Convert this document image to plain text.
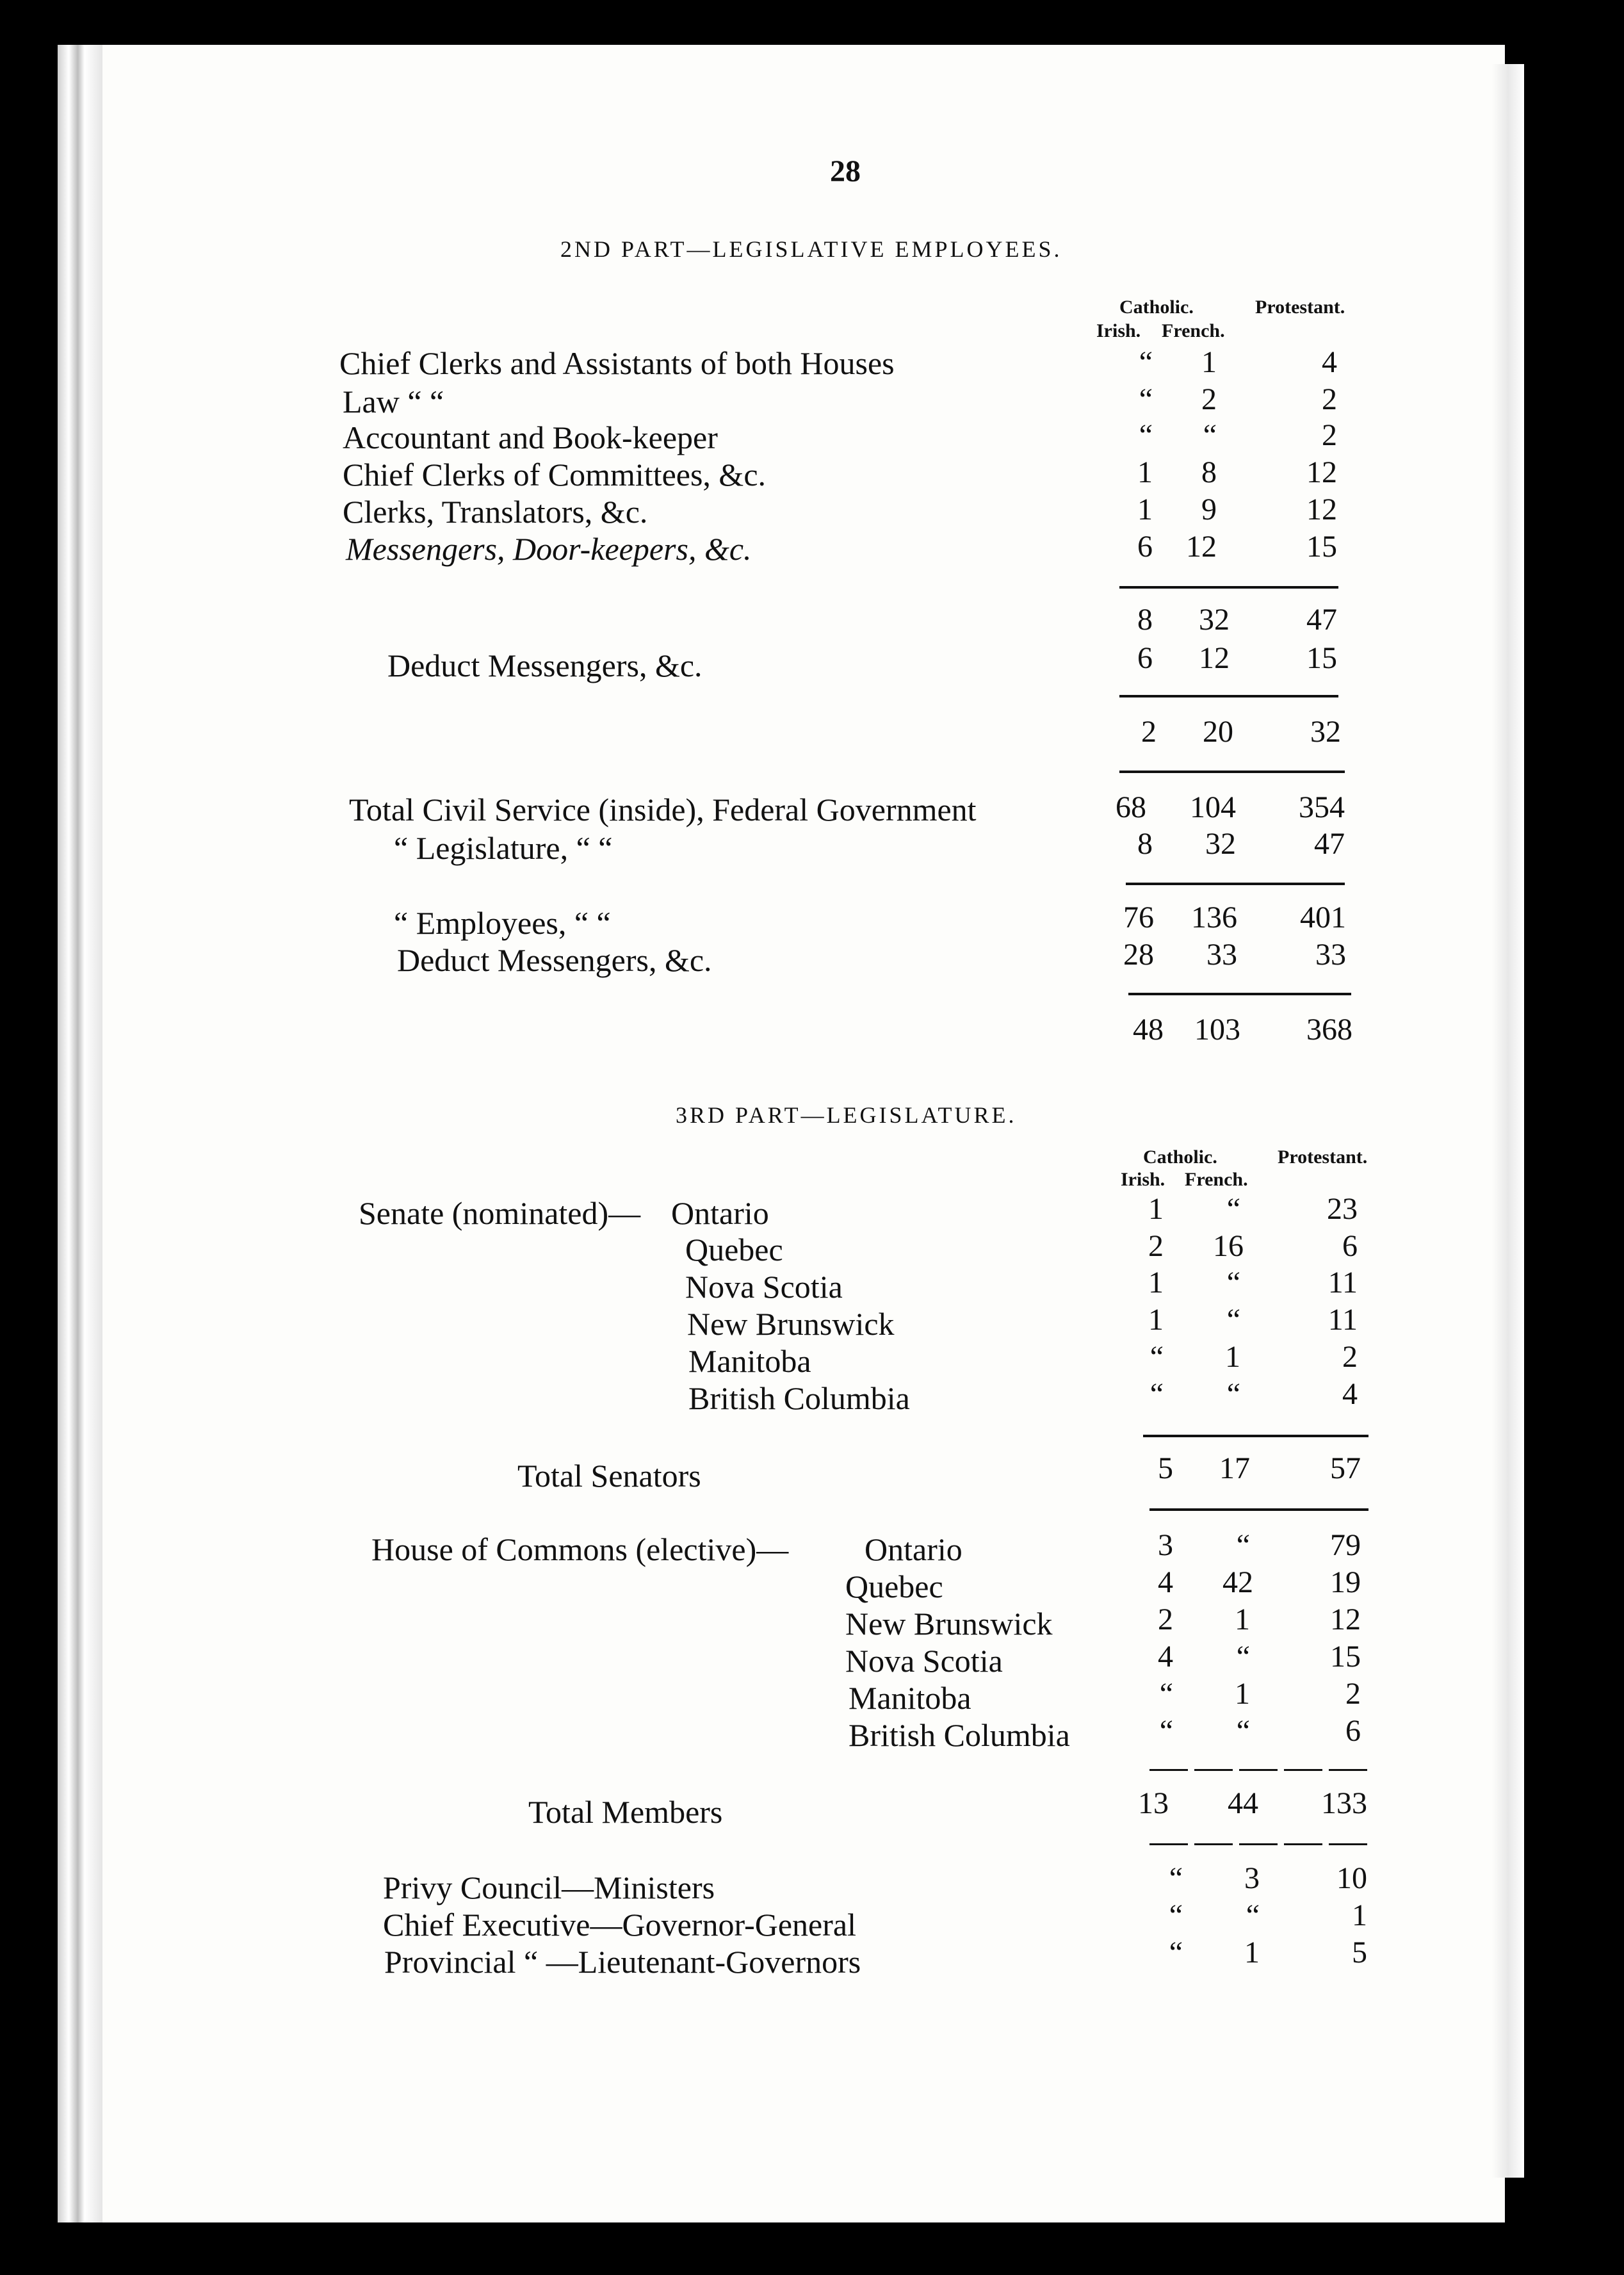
28
2ND PART—LEGISLATIVE EMPLOYEES.
Catholic.	Protestant.
Irish. French.
Chief Clerks and Assistants of both Houses	“	1	4
Law “ “	“	2	2
Accountant and Book-keeper	“	“	2
Chief Clerks of Committees, &c.	1	8	12
Clerks, Translators, &c.	1	9	12
Messengers, Door-keepers, &c.	6	12	15
8	32	47
Deduct Messengers, &c.	6	12	15
2	20	32
Total Civil Service (inside), Federal Government	68	104	354
“ Legislature, “ “	8	32	47
“ Employees, “ “	76	136	401
Deduct Messengers, &c.	28	33	33
48	103	368
3RD PART—LEGISLATURE.
Catholic.	Protestant.
Irish. French.
Senate (nominated)— Ontario	1	“	23
Quebec	2	16	6
Nova Scotia	1	“	11
New Brunswick	1	“	11
Manitoba	“	1	2
British Columbia	“	“	4
Total Senators	5	17	57
House of Commons (elective)— Ontario	3	“	79
Quebec	4	42	19
New Brunswick	2	1	12
Nova Scotia	4	“	15
Manitoba	“	1	2
British Columbia	“	“	6
Total Members	13	44	133
Privy Council—Ministers	“	3	10
Chief Executive—Governor-General	“	“	1
Provincial “ —Lieutenant-Governors	“	1	5
